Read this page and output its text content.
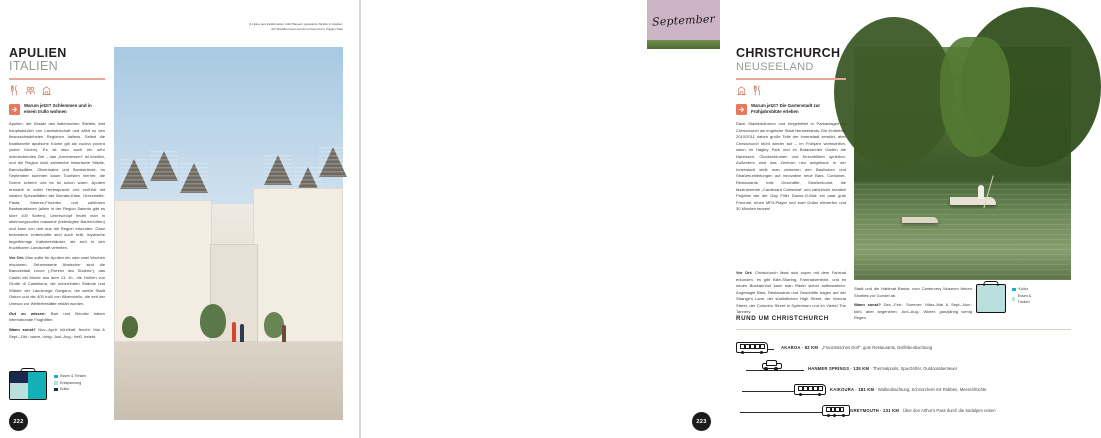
(L) Eine aus traditionellen trulli Häusern gesäumte Straße in Apulien; (R) Stadtbummeln auf dem Fluss Avon, Hagley Park
APULIEN ITALIEN
Warum jetzt? Schlemmen und in einem trullo wohnen

Apulien, der Absatz des italienischen Stiefels, lebt hauptsächlich von Landwirtschaft und zählt zu den finanzschwächsten Regionen Italiens. Selbst die traditionelle apulische Küche gilt als cucina povera (arme Küche). Es ist also auch ein sehr schmeckendes Ziel – das „Armenessen“ ist köstlich, und die Region lockt zahlreiche historische Städte, Barockplätze, Olivenhaine und Sandstrände. Im September kommen kaum Touristen hierher, die Sonne scheint und es ist schon warm, Apulien erstrahlt in voller Herbstpracht und verführt mit lokalen Spezialitäten wie Burrata-Käse, Orecchiette-Pasta, Meeres-Früchten und zahllosen Bestsanationen (allein in der Region Salento gibt es über 100 Sorten). Unterschöpf findet man in stimmungsvollen masserie (befestigten Bauernhöfen) und kann von dort aus die Region erkunden. Ganz besonders Unterkünfte sind auch trulli, mystische kegelförmige Kalksteinhäuser, die sich in den fruchtbaren Landschaft verteilen.

Vor Ort: Man sollte für Apulien ein oder zwei Wochen einplanen. Sehenswerte Abstecher sind die Barockstadt Lecce („Florenz des Südens“), das Castel del Monte aus dem 13. Jh., die Höhlen von Grotte di Castellana, die unberührten Strände und Wälder der Landzunge Gargano, die weiße Stadt Ostuni und die 400 trulli von Alberobello, die seit der Unesco zur Welterbestätte erklärt wurden.

Gut zu wissen: Bari und Brindisi haben internationale Flughäfen.

Wann sonst? Nov.–April: kühl/kalt, feucht; Mai & Sept.–Okt.: warm, ruhig; Juni–Aug.: heiß, belebt.

Essen & Trinken
Entspannung
Kultur
222
CHRISTCHURCH
NEUSEELAND
Warum jetzt? Die Gartenstadt zur Frühjahrsblüte erleben

Dank Stadterkährnen und eingebettet in Parkanlagen ist Christchurch als englische Stadt Neuseelands. Die Erdbeben 2010/2011 haben große Teile der Innenstadt zerstört, aber Christchurch blüht wieder auf – im Frühjahr wortwörtlich, wenn im Hagley Park und im Botanischen Garten die Narzissen, Glockenblumen und Kirschblüten sprießen. Außerdem wird das Zentrum neu aufgebaut: In der Innenstadt stellt man zwischen den Baulücken und Straßenumleitungen auf innovative neue Bars, Container-Restaurants, tolle Geschäfte, Straßenkunst, die faszinierende „Cardboard Cathedral“ und zahlreiche kreative Projekte wie der Gap Filler Dance-O-Mat: ein paar gute Freunde, einen MP3-Player und zwei Dollar einwerfen und 30 Minuten tanzen!

Vor Ort: Christchurch lässt sich super mit dem Fahrrad erkunden, es gibt Bike-Sharing, Fahrradverleihe, und im neuen Busbahnhof kann man Räder sicher aufbewahren. Angesagte Bars, Restaurants und Geschäfte tragen auf der Strange's Lane, der südöstlichen High Street, der Victoria Street, der Colombo Street in Sydenham und im Viertel The Tannery.

Stadt und die Habimat Banks; vom Cantervery Museum fahren Shuttles zur Gondel ab.

Wann sonst? Dez.–Feb.: Sommer; März–Mai & Sept.–Nov.: kühl, aber angenehm; Juni–Aug.: Winter, ganzjährig wenig Regen.

Kultur
Essen & Trinken
RUND UM CHRISTCHURCH
AKAROA · 82 KM · „Französisches Dorf“, gute Restaurants, Delfinbeobachtung
HANMER SPRINGS · 135 KM · Thermalpools, Spa-Dörfer, Outdoorabenteuer
KAIKOURA · 181 KM · Walbeobachtung, Schnorcheln mit Robben, Meeresfrüchte
GREYMOUTH · 231 KM · Über den Arthur's Pass durch die Südalpen reisen
223
September
